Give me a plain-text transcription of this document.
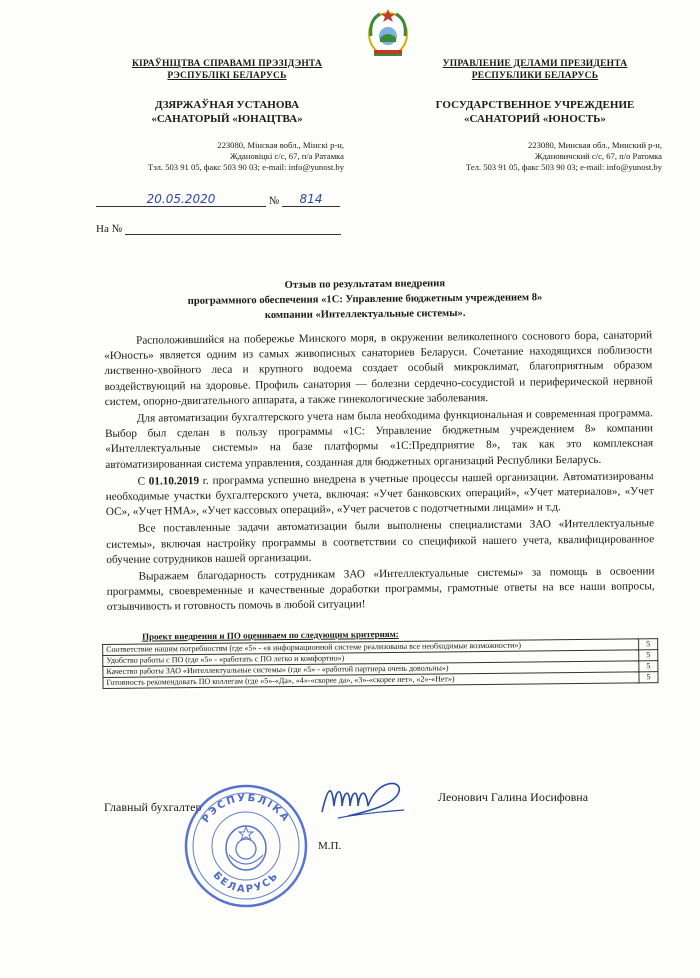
КІРАЎНІЦТВА СПРАВАМІ ПРЭЗІДЭНТА
РЭСПУБЛІКІ БЕЛАРУСЬ
ДЗЯРЖАЎНАЯ УСТАНОВА
«САНАТОРЫЙ «ЮНАЦТВА»
223080, Мінская вобл., Мінскі р-н,
Ждановіцкі с/с, 67, п/а Ратамка
Тэл. 503 91 05, факс 503 90 03; e-mail: info@yunost.by
УПРАВЛЕНИЕ ДЕЛАМИ ПРЕЗИДЕНТА
РЕСПУБЛИКИ БЕЛАРУСЬ
ГОСУДАРСТВЕННОЕ УЧРЕЖДЕНИЕ
«САНАТОРИЙ «ЮНОСТЬ»
223080, Минская обл., Минский р-н,
Ждановичский с/с, 67, п/о Ратомка
Тел. 503 91 05, факс 503 90 03; e-mail: info@yunost.by
20.05.2020	№ 814
На №
Отзыв по результатам внедрения
программного обеспечения «1С: Управление бюджетным учреждением 8»
компании «Интеллектуальные системы».

Расположившийся на побережье Минского моря, в окружении великолепного соснового бора, санаторий «Юность» является одним из самых живописных санаториев Беларуси. Сочетание находящихся поблизости лиственно-хвойного леса и крупного водоема создает особый микроклимат, благоприятным образом воздействующий на здоровье. Профиль санатория — болезни сердечно-сосудистой и периферической нервной систем, опорно-двигательного аппарата, а также гинекологические заболевания.

Для автоматизации бухгалтерского учета нам была необходима функциональная и современная программа. Выбор был сделан в пользу программы «1С: Управление бюджетным учреждением 8» компании «Интеллектуальные системы» на базе платформы «1С:Предприятие 8», так как это комплексная автоматизированная система управления, созданная для бюджетных организаций Республики Беларусь.

С 01.10.2019 г. программа успешно внедрена в учетные процессы нашей организации. Автоматизированы необходимые участки бухгалтерского учета, включая: «Учет банковских операций», «Учет материалов», «Учет ОС», «Учет НМА», «Учет кассовых операций», «Учет расчетов с подотчетными лицами» и т.д.

Все поставленные задачи автоматизации были выполнены специалистами ЗАО «Интеллектуальные системы», включая настройку программы в соответствии со спецификой нашего учета, квалифицированное обучение сотрудников нашей организации.

Выражаем благодарность сотрудникам ЗАО «Интеллектуальные системы» за помощь в освоении программы, своевременные и качественные доработки программы, грамотные ответы на все наши вопросы, отзывчивость и готовность помочь в любой ситуации!

Проект внедрения и ПО оцениваем по следующим критериям:
Соответствие нашим потребностям (где «5» - «в информационной системе реализованы все необходимые возможности»)	5
Удобство работы с ПО (где «5» - «работать с ПО легко и комфортно»)	5
Качество работы ЗАО «Интеллектуальные системы» (где «5» - «работой партнера очень довольны»)	5
Готовность рекомендовать ПО коллегам (где «5»-«Да», «4»-«скорее да», «3»-«скорее нет», «2»-«Нет»)	5
Главный бухгалтер
М.П.
Леонович Галина Иосифовна
РЭСПУБЛІКА
БЕЛАРУСЬ
